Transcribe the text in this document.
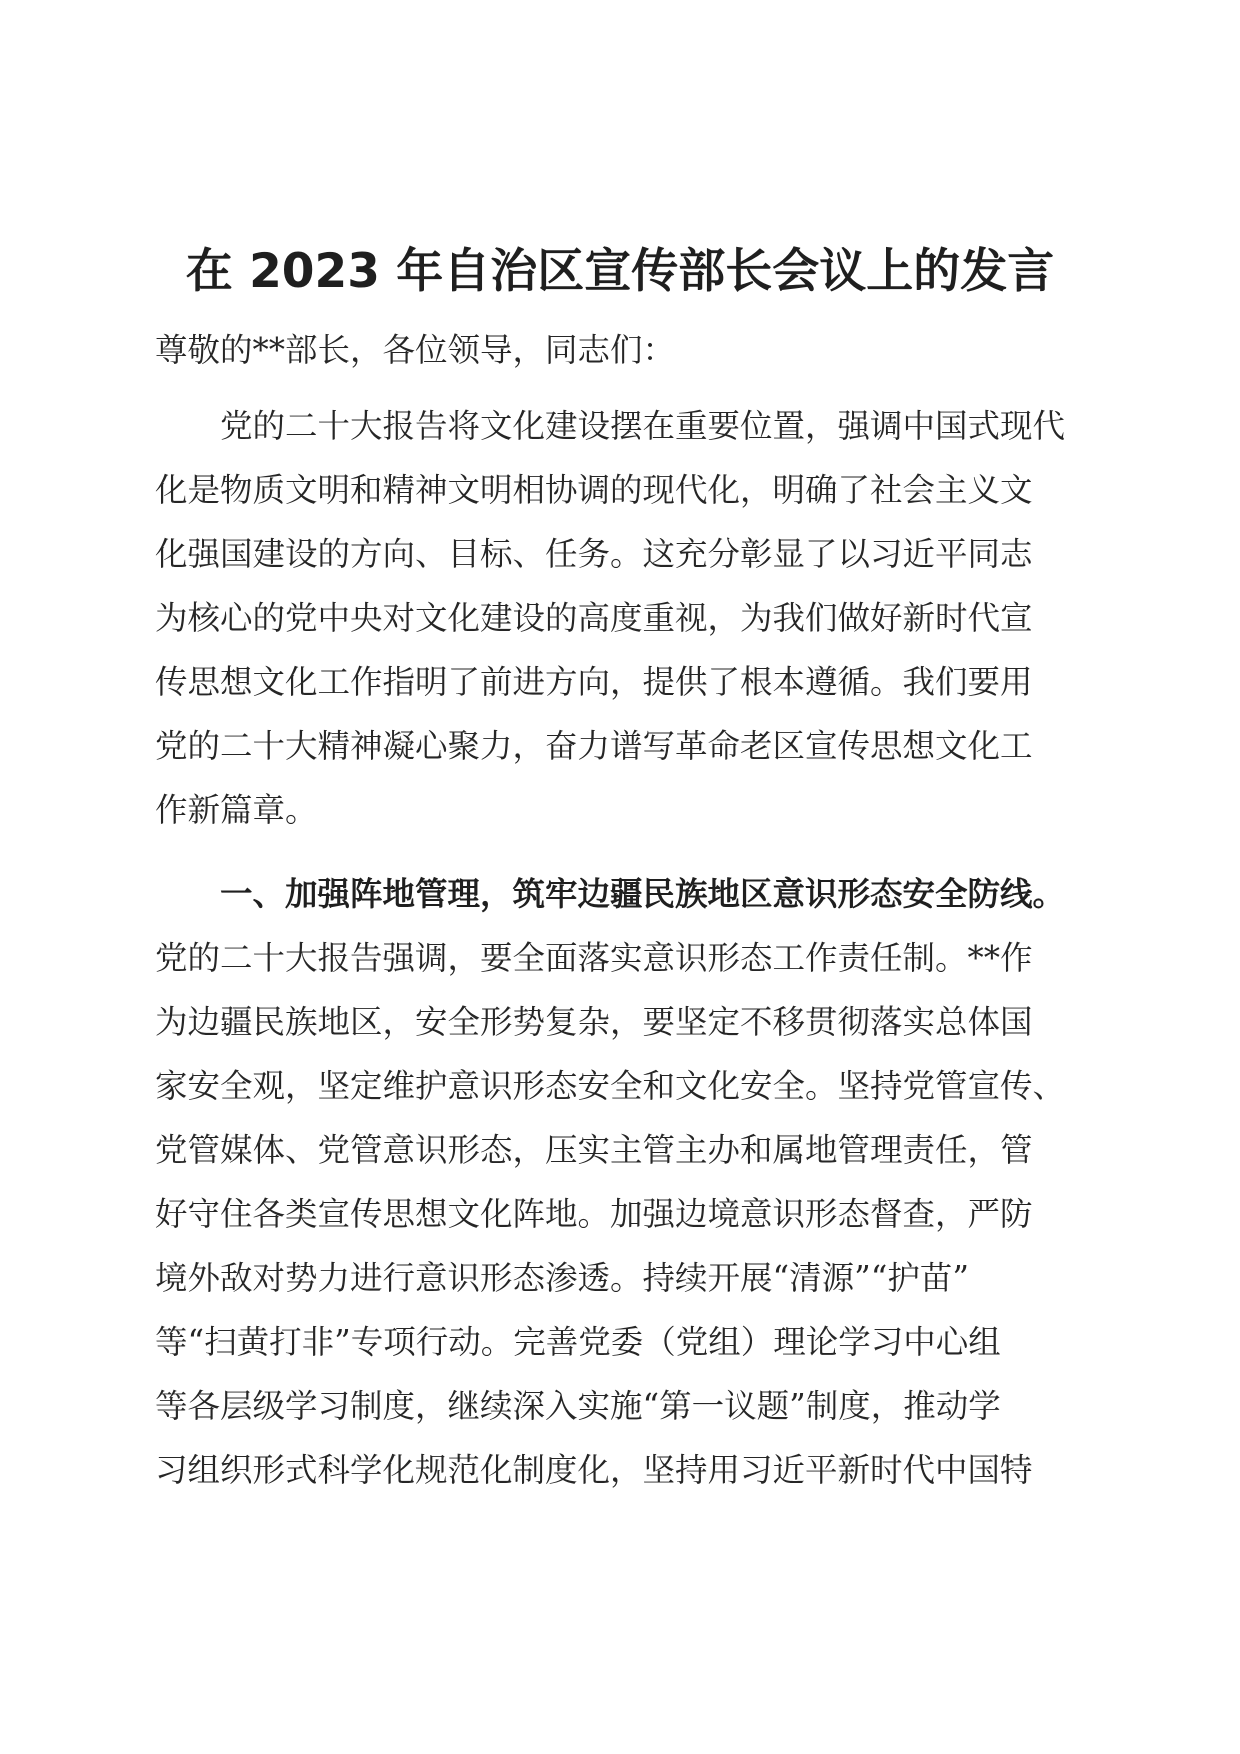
在 2023 年自治区宣传部长会议上的发言

尊敬的**部长，各位领导，同志们：

　　党的二十大报告将文化建设摆在重要位置，强调中国式现代
化是物质文明和精神文明相协调的现代化，明确了社会主义文
化强国建设的方向、目标、任务。这充分彰显了以习近平同志
为核心的党中央对文化建设的高度重视，为我们做好新时代宣
传思想文化工作指明了前进方向，提供了根本遵循。我们要用
党的二十大精神凝心聚力，奋力谱写革命老区宣传思想文化工
作新篇章。

　　一、加强阵地管理，筑牢边疆民族地区意识形态安全防线。
党的二十大报告强调，要全面落实意识形态工作责任制。**作
为边疆民族地区，安全形势复杂，要坚定不移贯彻落实总体国
家安全观，坚定维护意识形态安全和文化安全。坚持党管宣传、
党管媒体、党管意识形态，压实主管主办和属地管理责任，管
好守住各类宣传思想文化阵地。加强边境意识形态督查，严防
境外敌对势力进行意识形态渗透。持续开展“清源”“护苗”
等“扫黄打非”专项行动。完善党委（党组）理论学习中心组
等各层级学习制度，继续深入实施“第一议题”制度，推动学
习组织形式科学化规范化制度化，坚持用习近平新时代中国特
